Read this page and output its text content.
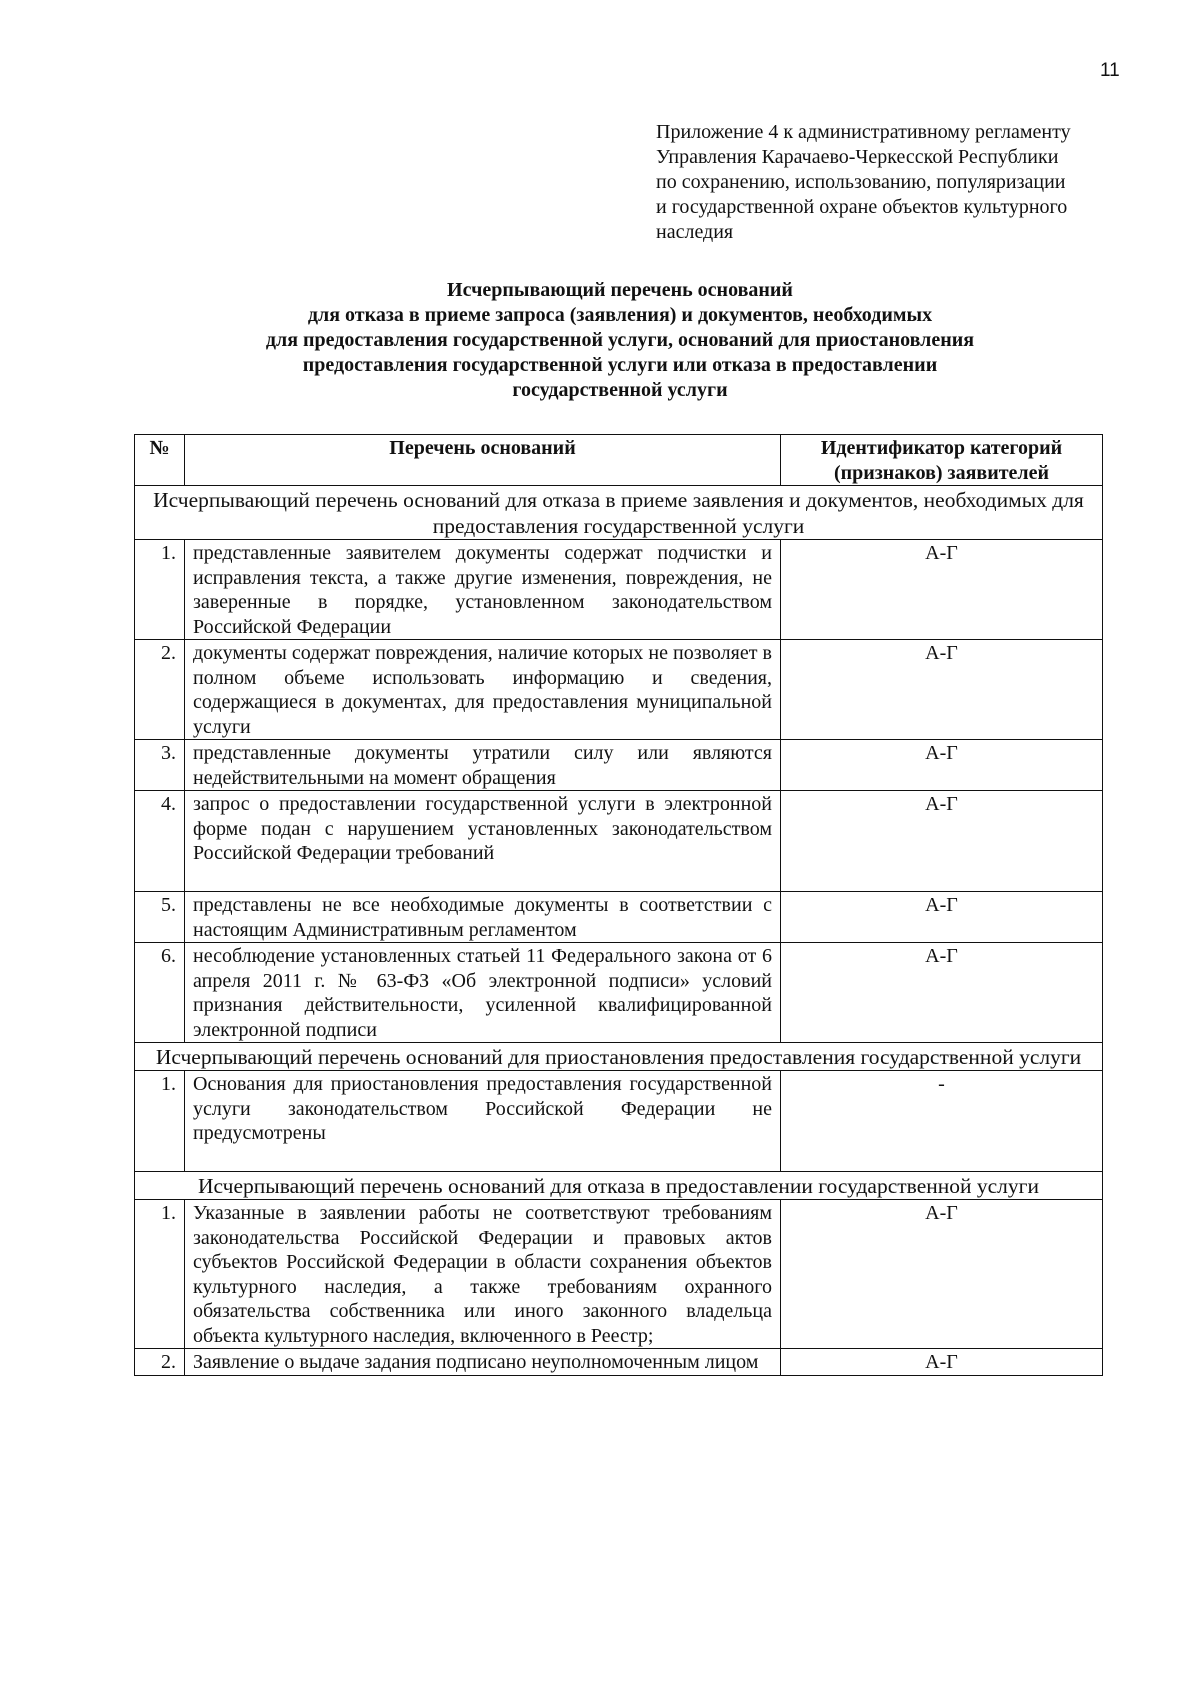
11
Приложение 4 к административному регламенту
Управления Карачаево-Черкесской Республики
по сохранению, использованию, популяризации
и государственной охране объектов культурного
наследия
Исчерпывающий перечень оснований
для отказа в приеме запроса (заявления) и документов, необходимых
для предоставления государственной услуги, оснований для приостановления
предоставления государственной услуги или отказа в предоставлении
государственной услуги
№	Перечень оснований	Идентификатор категорий (признаков) заявителей
Исчерпывающий перечень оснований для отказа в приеме заявления и документов, необходимых для предоставления государственной услуги		
1.	представленные заявителем документы содержат подчистки и исправления текста, а также другие изменения, повреждения, не заверенные в порядке, установленном законодательством Российской Федерации	А-Г
2.	документы содержат повреждения, наличие которых не позволяет в полном объеме использовать информацию и сведения, содержащиеся в документах, для предоставления муниципальной услуги	А-Г
3.	представленные документы утратили силу или являются недействительными на момент обращения	А-Г
4.	запрос о предоставлении государственной услуги в электронной форме подан с нарушением установленных законодательством Российской Федерации требований	А-Г
5.	представлены не все необходимые документы в соответствии с настоящим Административным регламентом	А-Г
6.	несоблюдение установленных статьей 11 Федерального закона от 6 апреля 2011 г. № 63-ФЗ «Об электронной подписи» условий признания действительности, усиленной квалифицированной электронной подписи	А-Г
Исчерпывающий перечень оснований для приостановления предоставления государственной услуги		
1.	Основания для приостановления предоставления государственной услуги законодательством Российской Федерации не предусмотрены	-
Исчерпывающий перечень оснований для отказа в предоставлении государственной услуги		
1.	Указанные в заявлении работы не соответствуют требованиям законодательства Российской Федерации и правовых актов субъектов Российской Федерации в области сохранения объектов культурного наследия, а также требованиям охранного обязательства собственника или иного законного владельца объекта культурного наследия, включенного в Реестр;	А-Г
2.	Заявление о выдаче задания подписано неуполномоченным лицом	А-Г
